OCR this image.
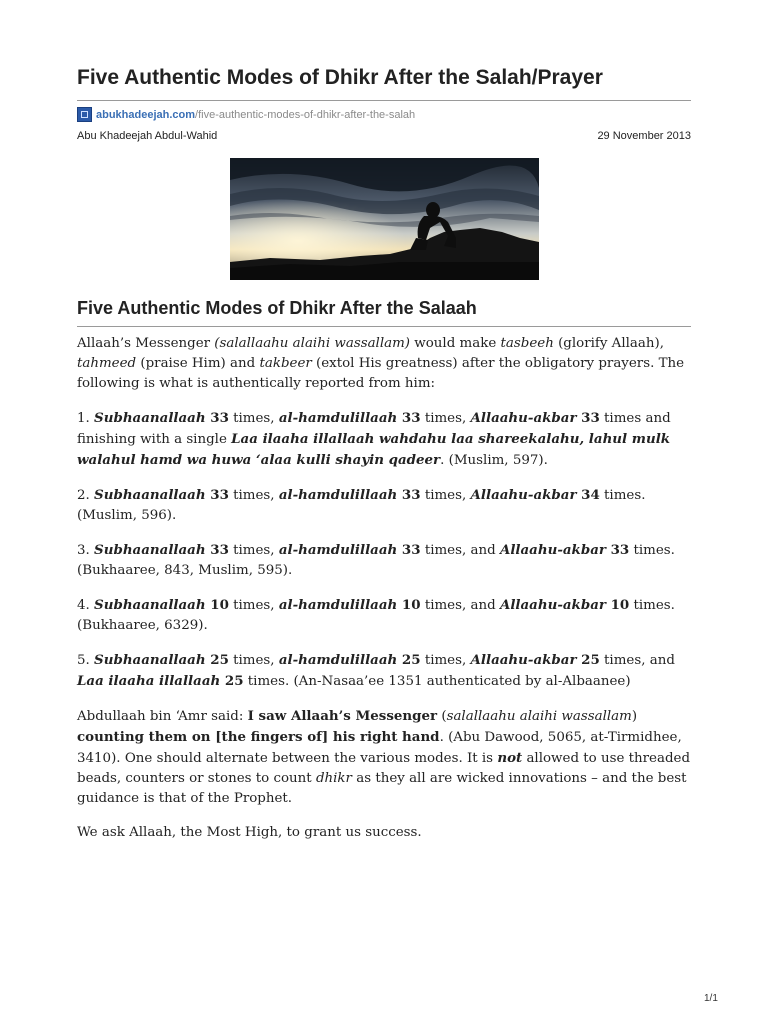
Five Authentic Modes of Dhikr After the Salah/Prayer
abukhadeejah.com /five-authentic-modes-of-dhikr-after-the-salah
Abu Khadeejah Abdul-Wahid	29 November 2013
Five Authentic Modes of Dhikr After the Salaah

Allaah’s Messenger (salallaahu alaihi wassallam) would make tasbeeh (glorify Allaah), tahmeed (praise Him) and takbeer (extol His greatness) after the obligatory prayers. The following is what is authentically reported from him:

1. Subhaanallaah 33 times, al-hamdulillaah 33 times, Allaahu-akbar 33 times and finishing with a single Laa ilaaha illallaah wahdahu laa shareekalahu, lahul mulk walahul hamd wa huwa ‘alaa kulli shayin qadeer. (Muslim, 597).

2. Subhaanallaah 33 times, al-hamdulillaah 33 times, Allaahu-akbar 34 times. (Muslim, 596).

3. Subhaanallaah 33 times, al-hamdulillaah 33 times, and Allaahu-akbar 33 times. (Bukhaaree, 843, Muslim, 595).

4. Subhaanallaah 10 times, al-hamdulillaah 10 times, and Allaahu-akbar 10 times. (Bukhaaree, 6329).

5. Subhaanallaah 25 times, al-hamdulillaah 25 times, Allaahu-akbar 25 times, and Laa ilaaha illallaah 25 times. (An-Nasaa’ee 1351 authenticated by al-Albaanee)

Abdullaah bin ‘Amr said: I saw Allaah’s Messenger (salallaahu alaihi wassallam) counting them on [the fingers of] his right hand. (Abu Dawood, 5065, at-Tirmidhee, 3410). One should alternate between the various modes. It is not allowed to use threaded beads, counters or stones to count dhikr as they all are wicked innovations – and the best guidance is that of the Prophet.

We ask Allaah, the Most High, to grant us success.

1/1
